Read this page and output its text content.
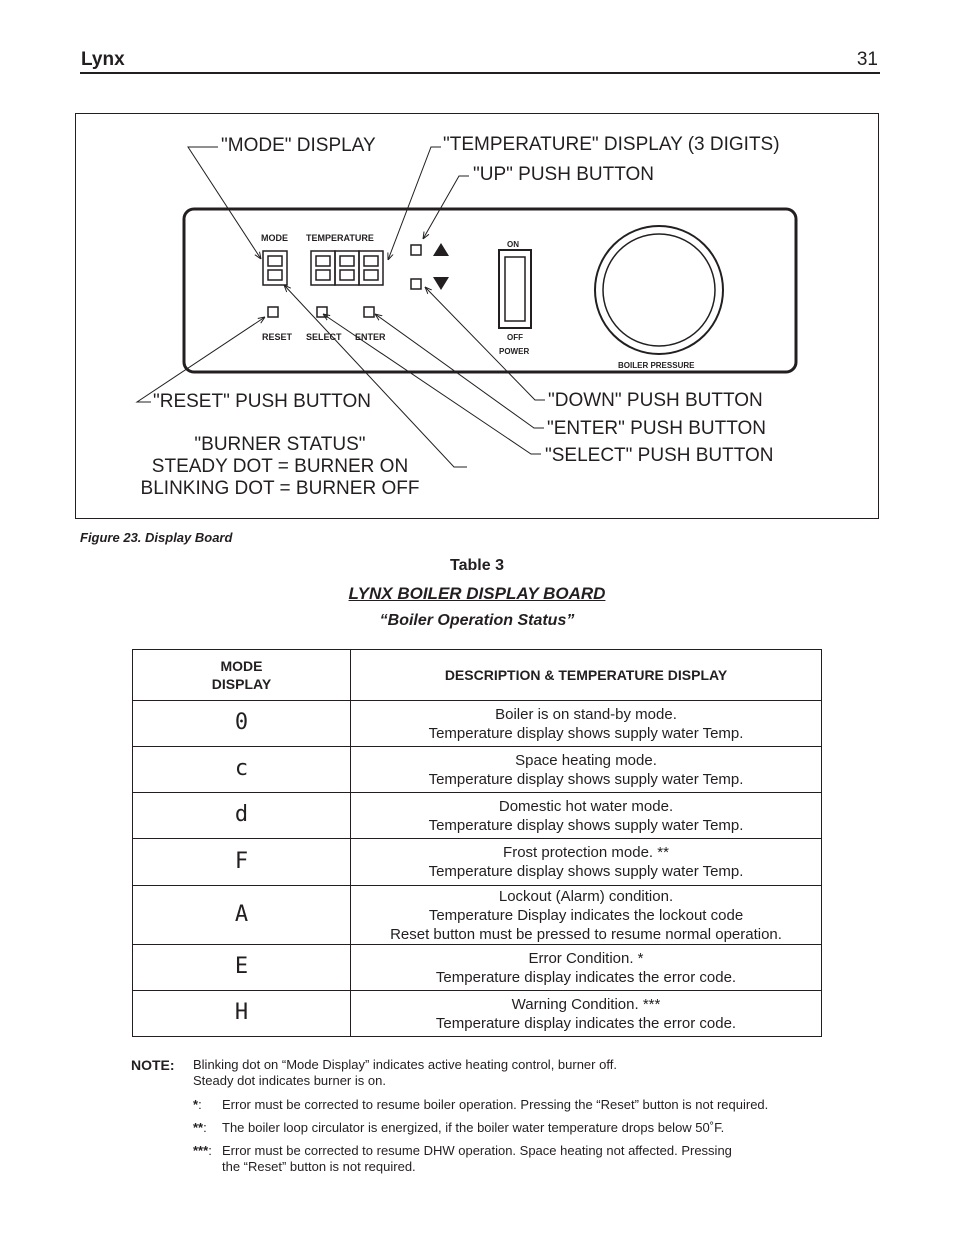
Lynx	31
MODE TEMPERATURE
RESET SELECT ENTER
ON
OFF
POWER
BOILER PRESSURE
"MODE" DISPLAY	"TEMPERATURE" DISPLAY (3 DIGITS)
"UP" PUSH BUTTON
"RESET" PUSH BUTTON	"DOWN" PUSH BUTTON
"ENTER" PUSH BUTTON
"SELECT" PUSH BUTTON
"BURNER STATUS"
STEADY DOT = BURNER ON
BLINKING DOT = BURNER OFF
Figure 23. Display Board
Table 3
LYNX BOILER DISPLAY BOARD
“Boiler Operation Status”
MODE
DISPLAY	DESCRIPTION & TEMPERATURE DISPLAY
0	Boiler is on stand-by mode.
Temperature display shows supply water Temp.

c	Space heating mode.
Temperature display shows supply water Temp.

d	Domestic hot water mode.
Temperature display shows supply water Temp.

F	Frost protection mode. **
Temperature display shows supply water Temp.

A	Lockout (Alarm) condition.
Temperature Display indicates the lockout code
Reset button must be pressed to resume normal operation.

E	Error Condition. *
Temperature display indicates the error code.

H	Warning Condition. ***
Temperature display indicates the error code.
NOTE: Blinking dot on “Mode Display” indicates active heating control, burner off.
Steady dot indicates burner is on.
*: Error must be corrected to resume boiler operation. Pressing the “Reset” button is not required.
**: The boiler loop circulator is energized, if the boiler water temperature drops below 50˚F.
***: Error must be corrected to resume DHW operation. Space heating not affected. Pressing
the “Reset” button is not required.
